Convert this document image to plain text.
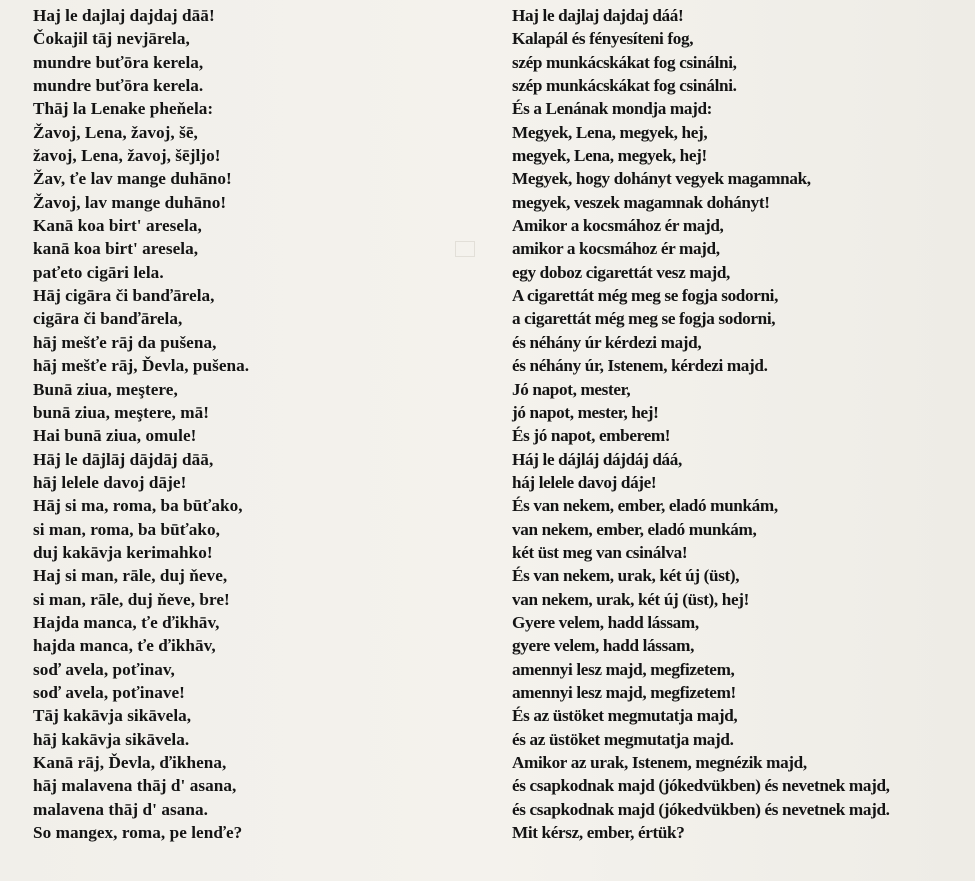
Haj le dajlaj dajdaj dāā!
Čokajil tāj nevjārela,
mundre buťōra kerela,
mundre buťōra kerela.
Thāj la Lenake pheňela:
Žavoj, Lena, žavoj, šē,
žavoj, Lena, žavoj, šējljo!
Žav, ťe lav mange duhāno!
Žavoj, lav mange duhāno!
Kanā koa birt' aresela,
kanā koa birt' aresela,
paťeto cigāri lela.
Hāj cigāra či banďārela,
cigāra či banďārela,
hāj mešťe rāj da pušena,
hāj mešťe rāj, Ďevla, pušena.
Bunā ziua, meştere,
bunā ziua, meştere, mā!
Hai bunā ziua, omule!
Hāj le dājlāj dājdāj dāā,
hāj lelele davoj dāje!
Hāj si ma, roma, ba būťako,
si man, roma, ba būťako,
duj kakāvja kerimahko!
Haj si man, rāle, duj ňeve,
si man, rāle, duj ňeve, bre!
Hajda manca, ťe ďikhāv,
hajda manca, ťe ďikhāv,
soď avela, poťinav,
soď avela, poťinave!
Tāj kakāvja sikāvela,
hāj kakāvja sikāvela.
Kanā rāj, Ďevla, ďikhena,
hāj malavena thāj d' asana,
malavena thāj d' asana.
So mangex, roma, pe lenďe?
Haj le dajlaj dajdaj dáá!
Kalapál és fényesíteni fog,
szép munkácskákat fog csinálni,
szép munkácskákat fog csinálni.
És a Lenának mondja majd:
Megyek, Lena, megyek, hej,
megyek, Lena, megyek, hej!
Megyek, hogy dohányt vegyek magamnak,
megyek, veszek magamnak dohányt!
Amikor a kocsmához ér majd,
amikor a kocsmához ér majd,
egy doboz cigarettát vesz majd,
A cigarettát még meg se fogja sodorni,
a cigarettát még meg se fogja sodorni,
és néhány úr kérdezi majd,
és néhány úr, Istenem, kérdezi majd.
Jó napot, mester,
jó napot, mester, hej!
És jó napot, emberem!
Háj le dájláj dájdáj dáá,
háj lelele davoj dáje!
És van nekem, ember, eladó munkám,
van nekem, ember, eladó munkám,
két üst meg van csinálva!
És van nekem, urak, két új (üst),
van nekem, urak, két új (üst), hej!
Gyere velem, hadd lássam,
gyere velem, hadd lássam,
amennyi lesz majd, megfizetem,
amennyi lesz majd, megfizetem!
És az üstöket megmutatja majd,
és az üstöket megmutatja majd.
Amikor az urak, Istenem, megnézik majd,
és csapkodnak majd (jókedvükben) és nevetnek majd,
és csapkodnak majd (jókedvükben) és nevetnek majd.
Mit kérsz, ember, értük?
